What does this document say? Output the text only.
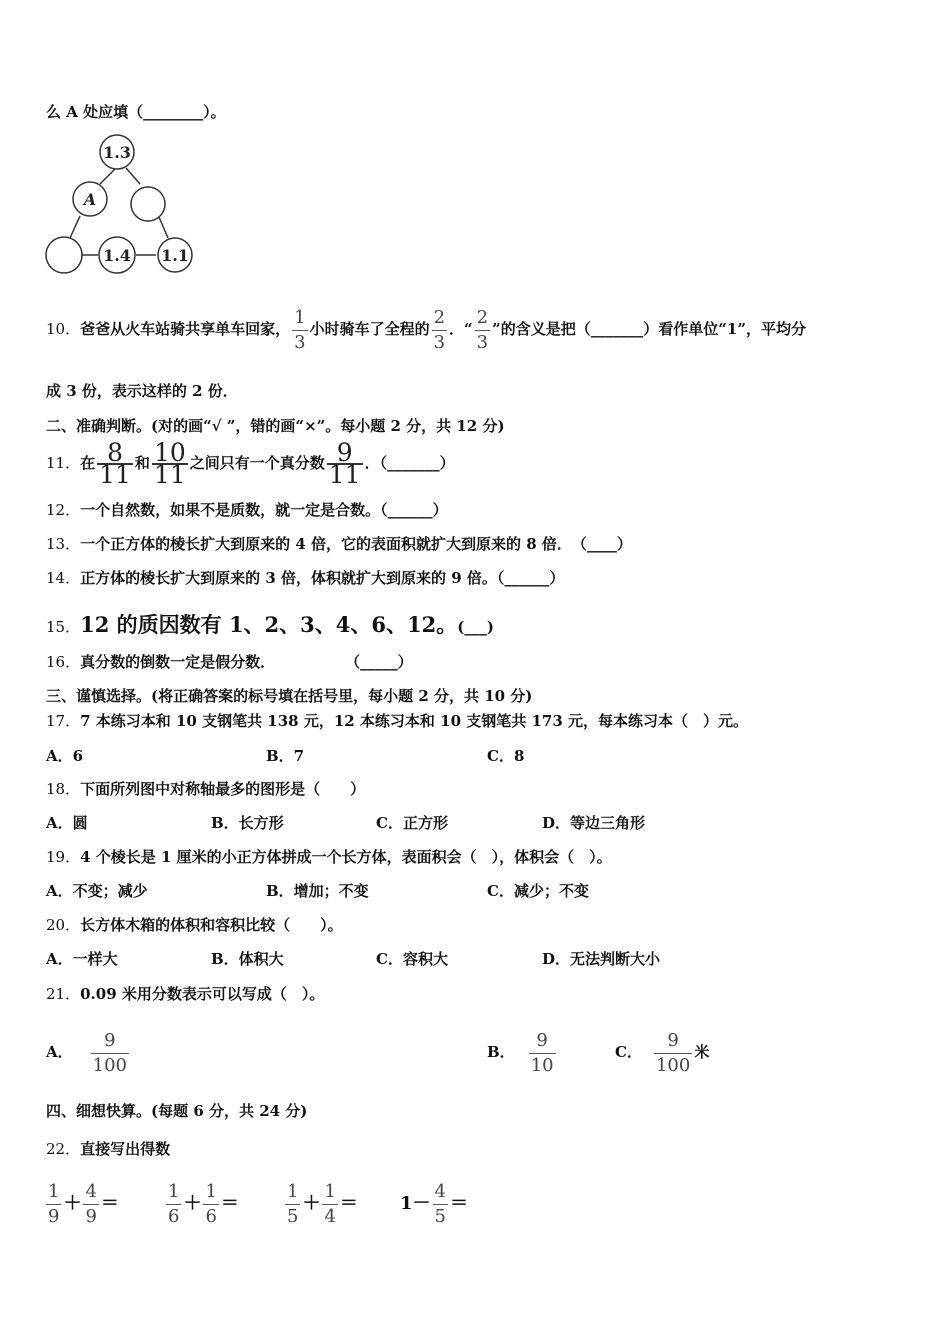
么 A 处应填（________）。
1.3
A
1.4 1.1
10．爸爸从火车站骑共享单车回家， $\frac{1}{3}$ 小时骑车了全程的 $\frac{2}{3}$ ．“ $\frac{2}{3}$ ”的含义是把（_______）看作单位“1”，平均分
成 3 份，表示这样的 2 份．
二、准确判断。(对的画“√ ”，错的画“×”。每小题 2 分，共 12 分)
11．在 $\frac{8}{11}$ 和 $\frac{10}{11}$ 之间只有一个真分数 $\frac{9}{11}$ ．（_______）
12．一个自然数，如果不是质数，就一定是合数。（______）
13．一个正方体的棱长扩大到原来的 4 倍，它的表面积就扩大到原来的 8 倍．　（____）
14．正方体的棱长扩大到原来的 3 倍，体积就扩大到原来的 9 倍。（______）
15．12 的质因数有 1、2、3、4、6、12。(___)
16．真分数的倒数一定是假分数．	（_____）
三、谨慎选择。(将正确答案的标号填在括号里，每小题 2 分，共 10 分)
17．7 本练习本和 10 支钢笔共 138 元，12 本练习本和 10 支钢笔共 173 元，每本练习本（　）元。
A．6	B．7	C．8
18．下面所列图中对称轴最多的图形是（　　）
A．圆	B．长方形	C．正方形	D．等边三角形
19．4 个棱长是 1 厘米的小正方体拼成一个长方体，表面积会（　），体积会（　）。
A．不变；减少	B．增加；不变	C．减少；不变
20．长方体木箱的体积和容积比较（　　）。
A．一样大	B．体积大	C．容积大	D．无法判断大小
21．0.09 米用分数表示可以写成（　）。
A． $\frac{9}{100}$	B． $\frac{9}{10}$	C． $\frac{9}{100}$ 米
四、细想快算。(每题 6 分，共 24 分)
22．直接写出得数
$\frac{1}{9} + \frac{4}{9}$ ＝	$\frac{1}{6} + \frac{1}{6}$ ＝	$\frac{1}{5} + \frac{1}{4} = 1- \frac{4}{5}$ ＝
